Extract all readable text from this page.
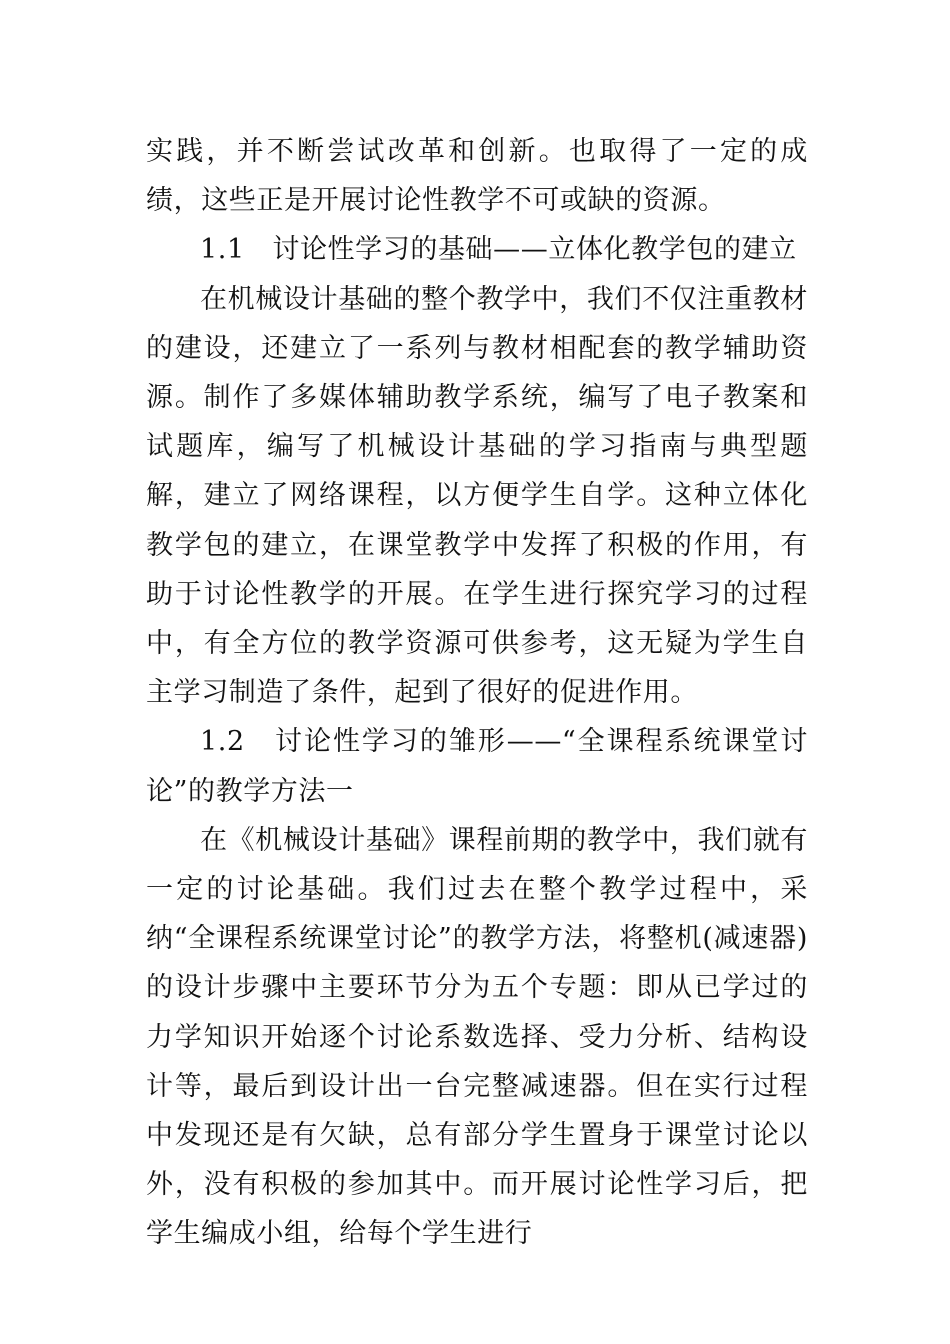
实践，并不断尝试改革和创新。也取得了一定的成绩，这些正是开展讨论性教学不可或缺的资源。

1.1　讨论性学习的基础——立体化教学包的建立

在机械设计基础的整个教学中，我们不仅注重教材的建设，还建立了一系列与教材相配套的教学辅助资源。制作了多媒体辅助教学系统，编写了电子教案和试题库，编写了机械设计基础的学习指南与典型题解，建立了网络课程，以方便学生自学。这种立体化教学包的建立，在课堂教学中发挥了积极的作用，有助于讨论性教学的开展。在学生进行探究学习的过程中，有全方位的教学资源可供参考，这无疑为学生自主学习制造了条件，起到了很好的促进作用。

1.2　讨论性学习的雏形——“全课程系统课堂讨论”的教学方法一

在《机械设计基础》课程前期的教学中，我们就有一定的讨论基础。我们过去在整个教学过程中，采纳“全课程系统课堂讨论”的教学方法，将整机(减速器)的设计步骤中主要环节分为五个专题：即从已学过的力学知识开始逐个讨论系数选择、受力分析、结构设计等，最后到设计出一台完整减速器。但在实行过程中发现还是有欠缺，总有部分学生置身于课堂讨论以外，没有积极的参加其中。而开展讨论性学习后，把学生编成小组，给每个学生进行
